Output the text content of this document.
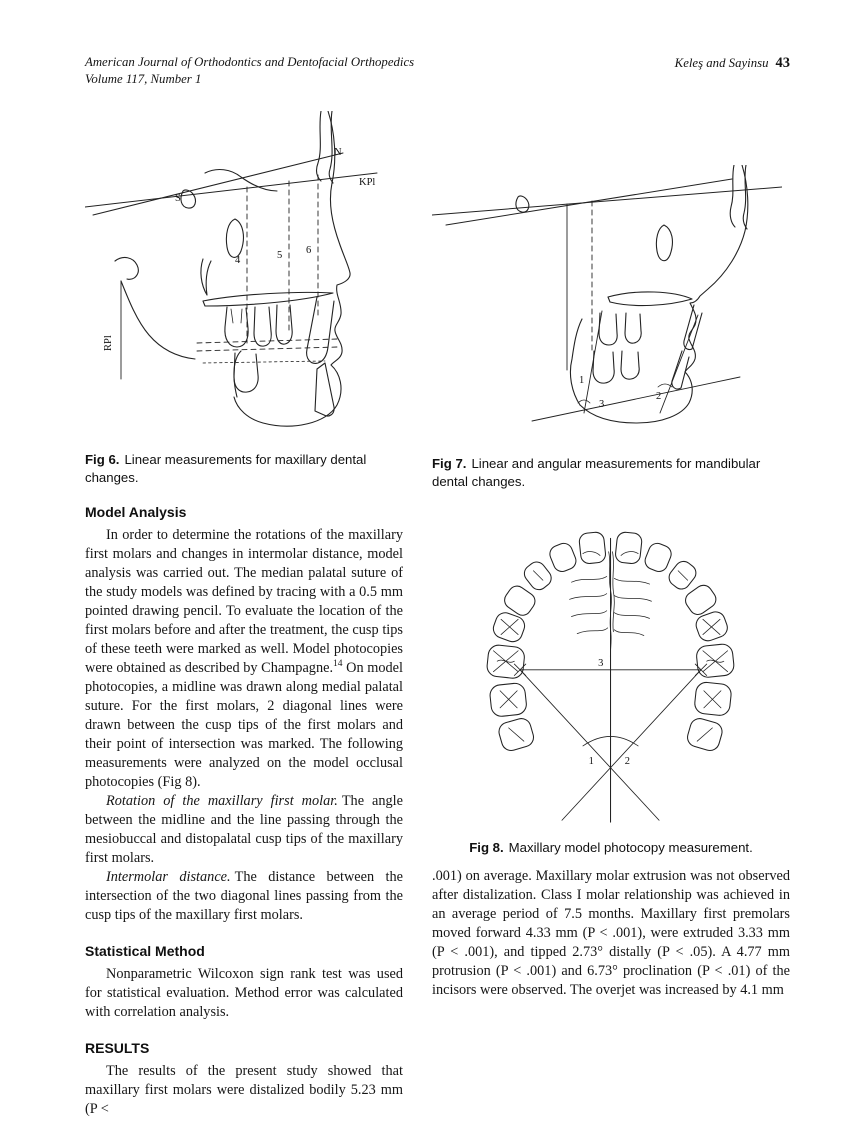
American Journal of Orthodontics and Dentofacial Orthopedics
Volume 117, Number 1
Keleş and Sayinsu 43
S
N
KPl
4	5 6
RPl
Fig 6. Linear measurements for maxillary dental changes.
Model Analysis

In order to determine the rotations of the maxillary first molars and changes in intermolar distance, model analysis was carried out. The median palatal suture of the study models was defined by tracing with a 0.5 mm pointed drawing pencil. To evaluate the location of the first molars before and after the treatment, the cusp tips of these teeth were marked as well. Model photocopies were obtained as described by Champagne.$^{14}$ On model photocopies, a midline was drawn along medial palatal suture. For the first molars, 2 diagonal lines were drawn between the cusp tips of the first molars and their point of intersection was marked. The following measurements were analyzed on the model occlusal photocopies (Fig 8).

Rotation of the maxillary first molar. The angle between the midline and the line passing through the mesiobuccal and distopalatal cusp tips of the maxillary first molars.

Intermolar distance. The distance between the intersection of the two diagonal lines passing from the cusp tips of the maxillary first molars.

Statistical Method

Nonparametric Wilcoxon sign rank test was used for statistical evaluation. Method error was calculated with correlation analysis.

RESULTS

The results of the present study showed that maxillary first molars were distalized bodily 5.23 mm (P <

1
2
3
Fig 7. Linear and angular measurements for mandibular dental changes.
1	2
3
Fig 8. Maxillary model photocopy measurement.

.001) on average. Maxillary molar extrusion was not observed after distalization. Class I molar relationship was achieved in an average period of 7.5 months. Maxillary first premolars moved forward 4.33 mm (P < .001), were extruded 3.33 mm (P < .001), and tipped 2.73° distally (P < .05). A 4.77 mm protrusion (P < .001) and 6.73° proclination (P < .01) of the incisors were observed. The overjet was increased by 4.1 mm
